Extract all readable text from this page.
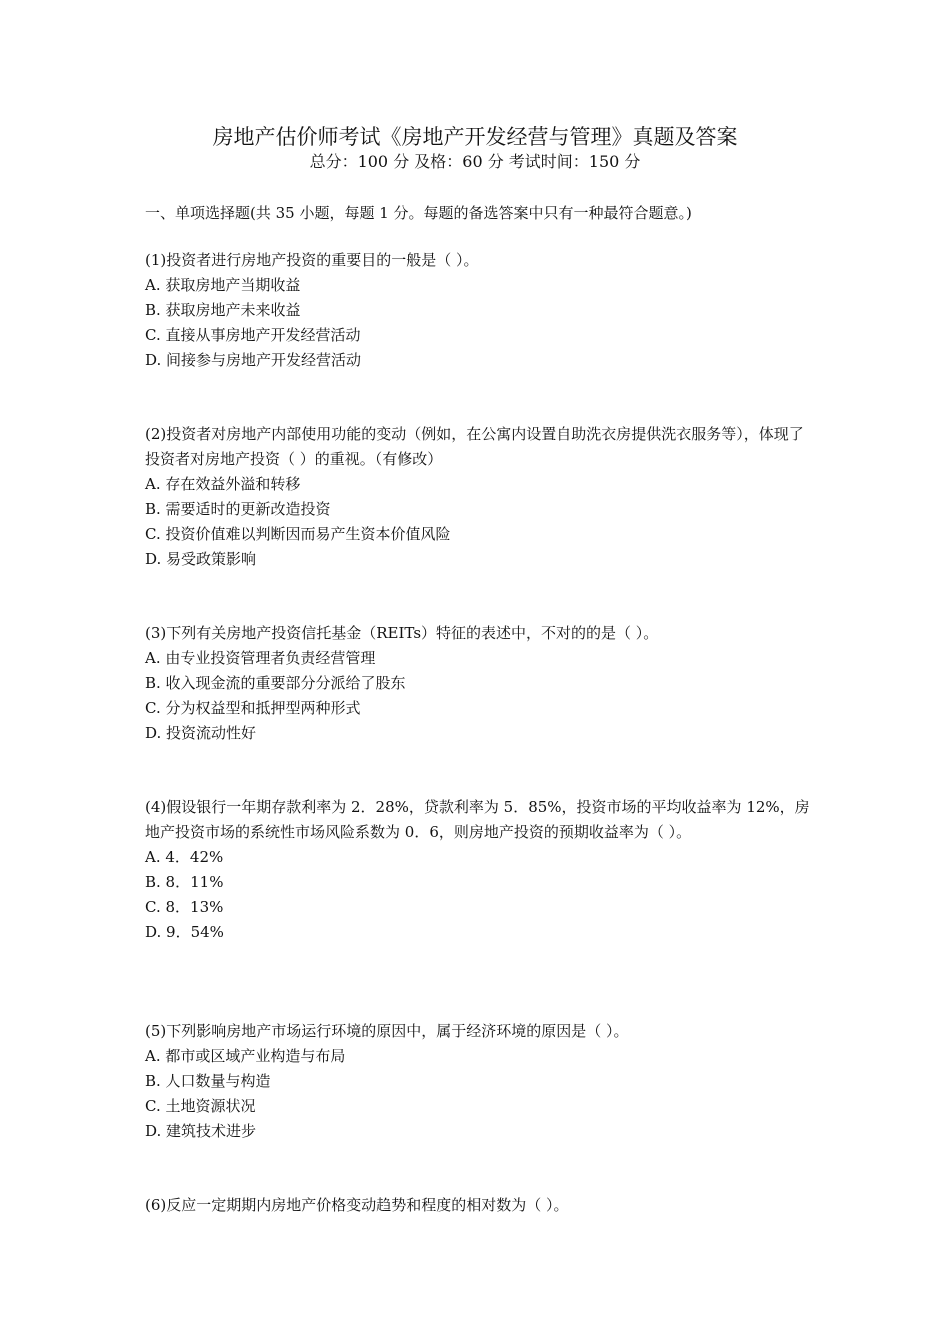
房地产估价师考试《房地产开发经营与管理》真题及答案
总分：100 分 及格：60 分 考试时间：150 分
一、单项选择题(共 35 小题，每题 1 分。每题的备选答案中只有一种最符合题意。)

(1)投资者进行房地产投资的重要目的一般是（ ）。

A. 获取房地产当期收益
B. 获取房地产未来收益
C. 直接从事房地产开发经营活动
D. 间接参与房地产开发经营活动

(2)投资者对房地产内部使用功能的变动（例如，在公寓内设置自助洗衣房提供洗衣服务等），体现了投资者对房地产投资（ ）的重视。（有修改）

A. 存在效益外溢和转移
B. 需要适时的更新改造投资
C. 投资价值难以判断因而易产生资本价值风险
D. 易受政策影响

(3)下列有关房地产投资信托基金（REITs）特征的表述中，不对的的是（ ）。

A. 由专业投资管理者负责经营管理
B. 收入现金流的重要部分分派给了股东
C. 分为权益型和抵押型两种形式
D. 投资流动性好

(4)假设银行一年期存款利率为 2．28%，贷款利率为 5．85%，投资市场的平均收益率为 12%，房地产投资市场的系统性市场风险系数为 0．6，则房地产投资的预期收益率为（ ）。

A. 4．42%
B. 8．11%
C. 8．13%
D. 9．54%

(5)下列影响房地产市场运行环境的原因中，属于经济环境的原因是（ ）。

A. 都市或区域产业构造与布局
B. 人口数量与构造
C. 土地资源状况
D. 建筑技术进步

(6)反应一定期期内房地产价格变动趋势和程度的相对数为（ ）。
